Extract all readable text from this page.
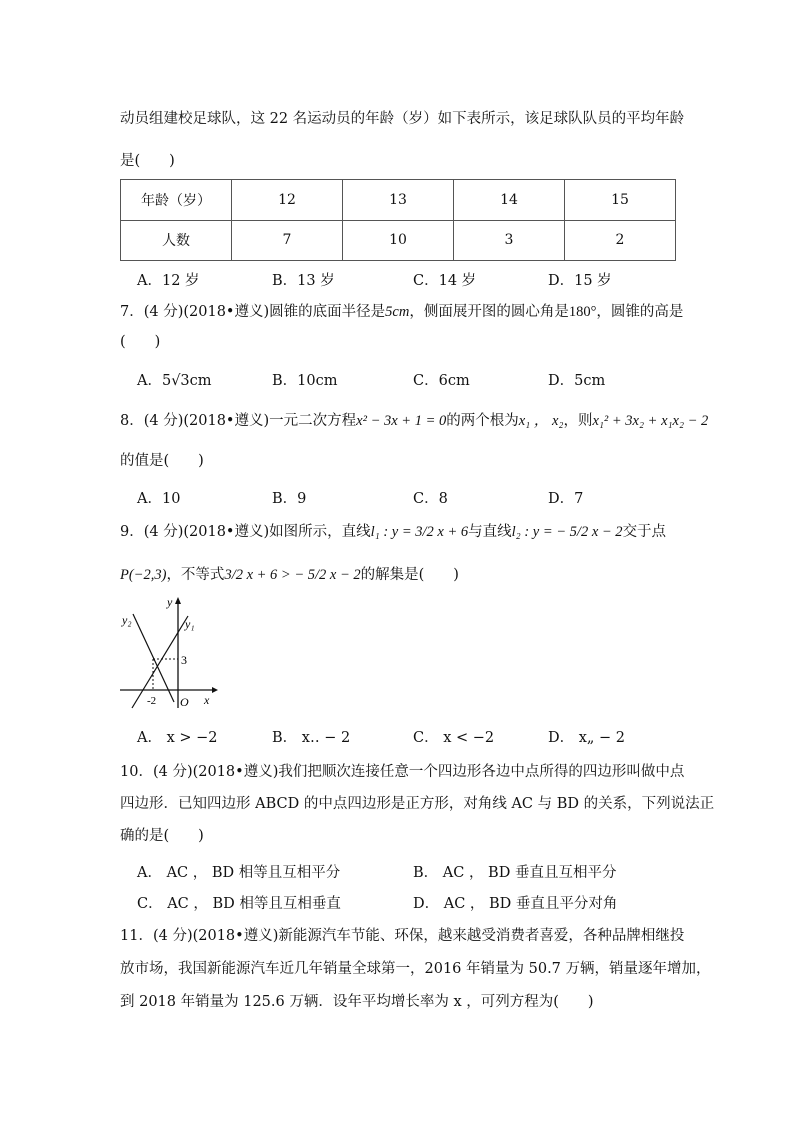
动员组建校足球队，这 22 名运动员的年龄（岁）如下表所示，该足球队队员的平均年龄
是(　　)
年龄（岁）	12	13	14	15
人数	7	10	3	2
A．12 岁	B．13 岁	C．14 岁	D．15 岁
7．(4 分)(2018•遵义)圆锥的底面半径是5cm，侧面展开图的圆心角是180°，圆锥的高是
(　　)
A．5√3cm	B．10cm	C．6cm	D．5cm
8．(4 分)(2018•遵义)一元二次方程x² − 3x + 1 = 0的两个根为x₁ ， x₂，则x₁² + 3x₂ + x₁x₂ − 2
的值是(　　)
A．10	B．9	C．8	D．7
9．(4 分)(2018•遵义)如图所示，直线l₁ : y = 3/2 x + 6与直线l₂ : y = − 5/2 x − 2交于点
P(−2,3)，不等式3/2 x + 6 > − 5/2 x − 2的解集是(　　)
y
y₁
y₂
3
-2 O x
A． x > −2	B． x‥ − 2	C． x < −2	D． x„ − 2
10．(4 分)(2018•遵义)我们把顺次连接任意一个四边形各边中点所得的四边形叫做中点
四边形．已知四边形 ABCD 的中点四边形是正方形，对角线 AC 与 BD 的关系，下列说法正
确的是(　　)
A． AC ， BD 相等且互相平分	B． AC ， BD 垂直且互相平分
C． AC ， BD 相等且互相垂直	D． AC ， BD 垂直且平分对角
11．(4 分)(2018•遵义)新能源汽车节能、环保，越来越受消费者喜爱，各种品牌相继投
放市场，我国新能源汽车近几年销量全球第一，2016 年销量为 50.7 万辆，销量逐年增加，
到 2018 年销量为 125.6 万辆．设年平均增长率为 x ，可列方程为(　　)
